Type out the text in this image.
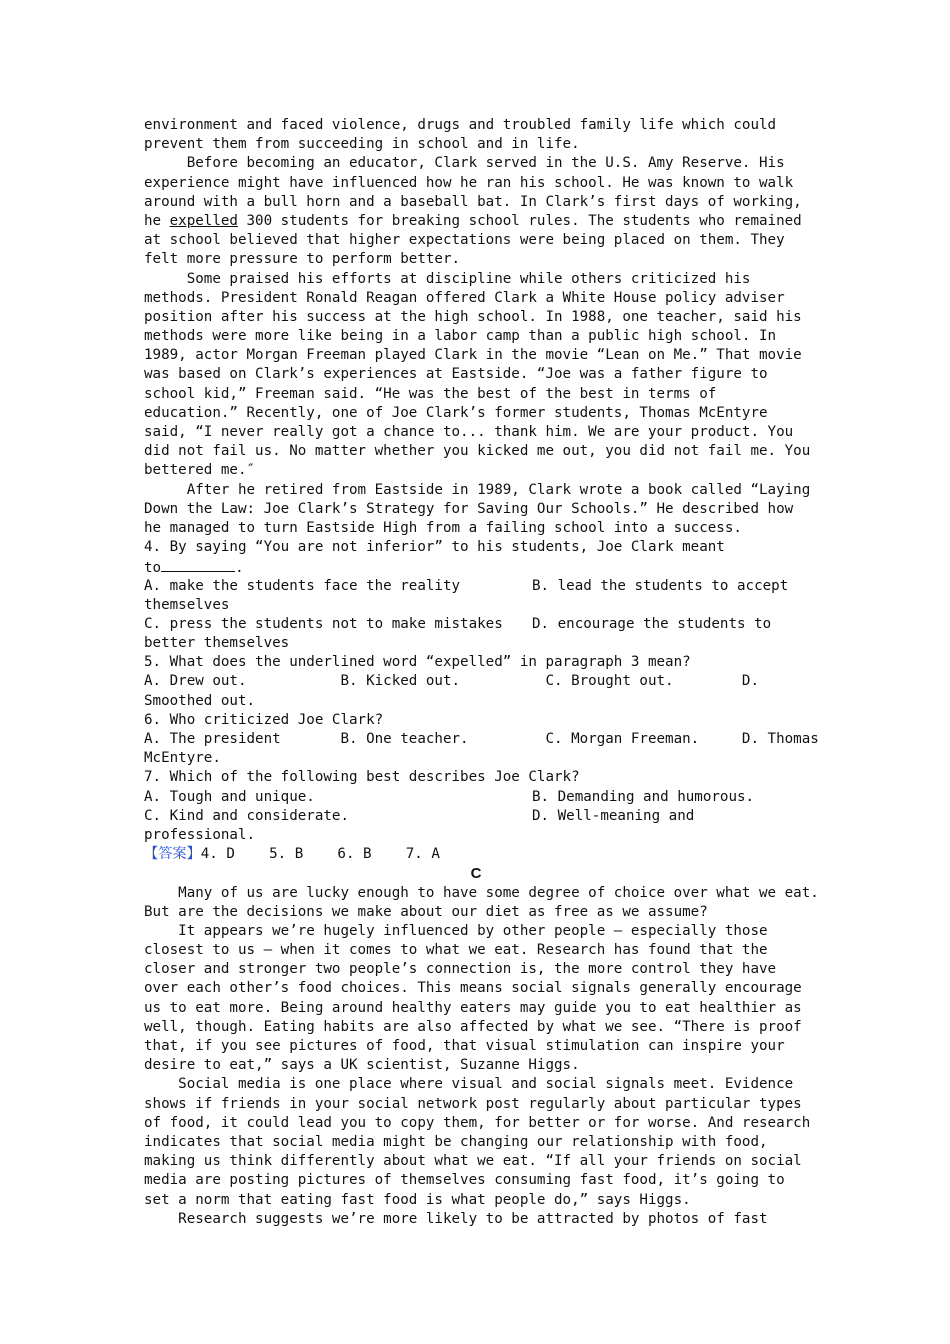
environment and faced violence, drugs and troubled family life which could
prevent them from succeeding in school and in life.
Before becoming an educator, Clark served in the U.S. Amy Reserve. His
experience might have influenced how he ran his school. He was known to walk
around with a bull horn and a baseball bat. In Clark’s first days of working,
he expelled 300 students for breaking school rules. The students who remained
at school believed that higher expectations were being placed on them. They
felt more pressure to perform better.
Some praised his efforts at discipline while others criticized his
methods. President Ronald Reagan offered Clark a White House policy adviser
position after his success at the high school. In 1988, one teacher, said his
methods were more like being in a labor camp than a public high school. In
1989, actor Morgan Freeman played Clark in the movie “Lean on Me.” That movie
was based on Clark’s experiences at Eastside. “Joe was a father figure to
school kid,” Freeman said. “He was the best of the best in terms of
education.” Recently, one of Joe Clark’s former students, Thomas McEntyre
said, “I never really got a chance to... thank him. We are your product. You
did not fail us. No matter whether you kicked me out, you did not fail me. You
bettered me.″
After he retired from Eastside in 1989, Clark wrote a book called “Laying
Down the Law: Joe Clark’s Strategy for Saving Our Schools.” He described how
he managed to turn Eastside High from a failing school into a success.
4. By saying “You are not inferior” to his students, Joe Clark meant
to	.
A. make the students face the reality	B. lead the students to accept
themselves
C. press the students not to make mistakes	D. encourage the students to
better themselves
5. What does the underlined word “expelled” in paragraph 3 mean?
A. Drew out.           B. Kicked out.          C. Brought out.        D.
Smoothed out.
6. Who criticized Joe Clark?
A. The president       B. One teacher.         C. Morgan Freeman.     D. Thomas
McEntyre.
7. Which of the following best describes Joe Clark?
A. Tough and unique.	B. Demanding and humorous.
C. Kind and considerate.	D. Well-meaning and
professional.
【答案】4. D    5. B    6. B    7. A
C
Many of us are lucky enough to have some degree of choice over what we eat.
But are the decisions we make about our diet as free as we assume?
It appears we’re hugely influenced by other people — especially those
closest to us — when it comes to what we eat. Research has found that the
closer and stronger two people’s connection is, the more control they have
over each other’s food choices. This means social signals generally encourage
us to eat more. Being around healthy eaters may guide you to eat healthier as
well, though. Eating habits are also affected by what we see. “There is proof
that, if you see pictures of food, that visual stimulation can inspire your
desire to eat,” says a UK scientist, Suzanne Higgs.
Social media is one place where visual and social signals meet. Evidence
shows if friends in your social network post regularly about particular types
of food, it could lead you to copy them, for better or for worse. And research
indicates that social media might be changing our relationship with food,
making us think differently about what we eat. “If all your friends on social
media are posting pictures of themselves consuming fast food, it’s going to
set a norm that eating fast food is what people do,” says Higgs.
Research suggests we’re more likely to be attracted by photos of fast
